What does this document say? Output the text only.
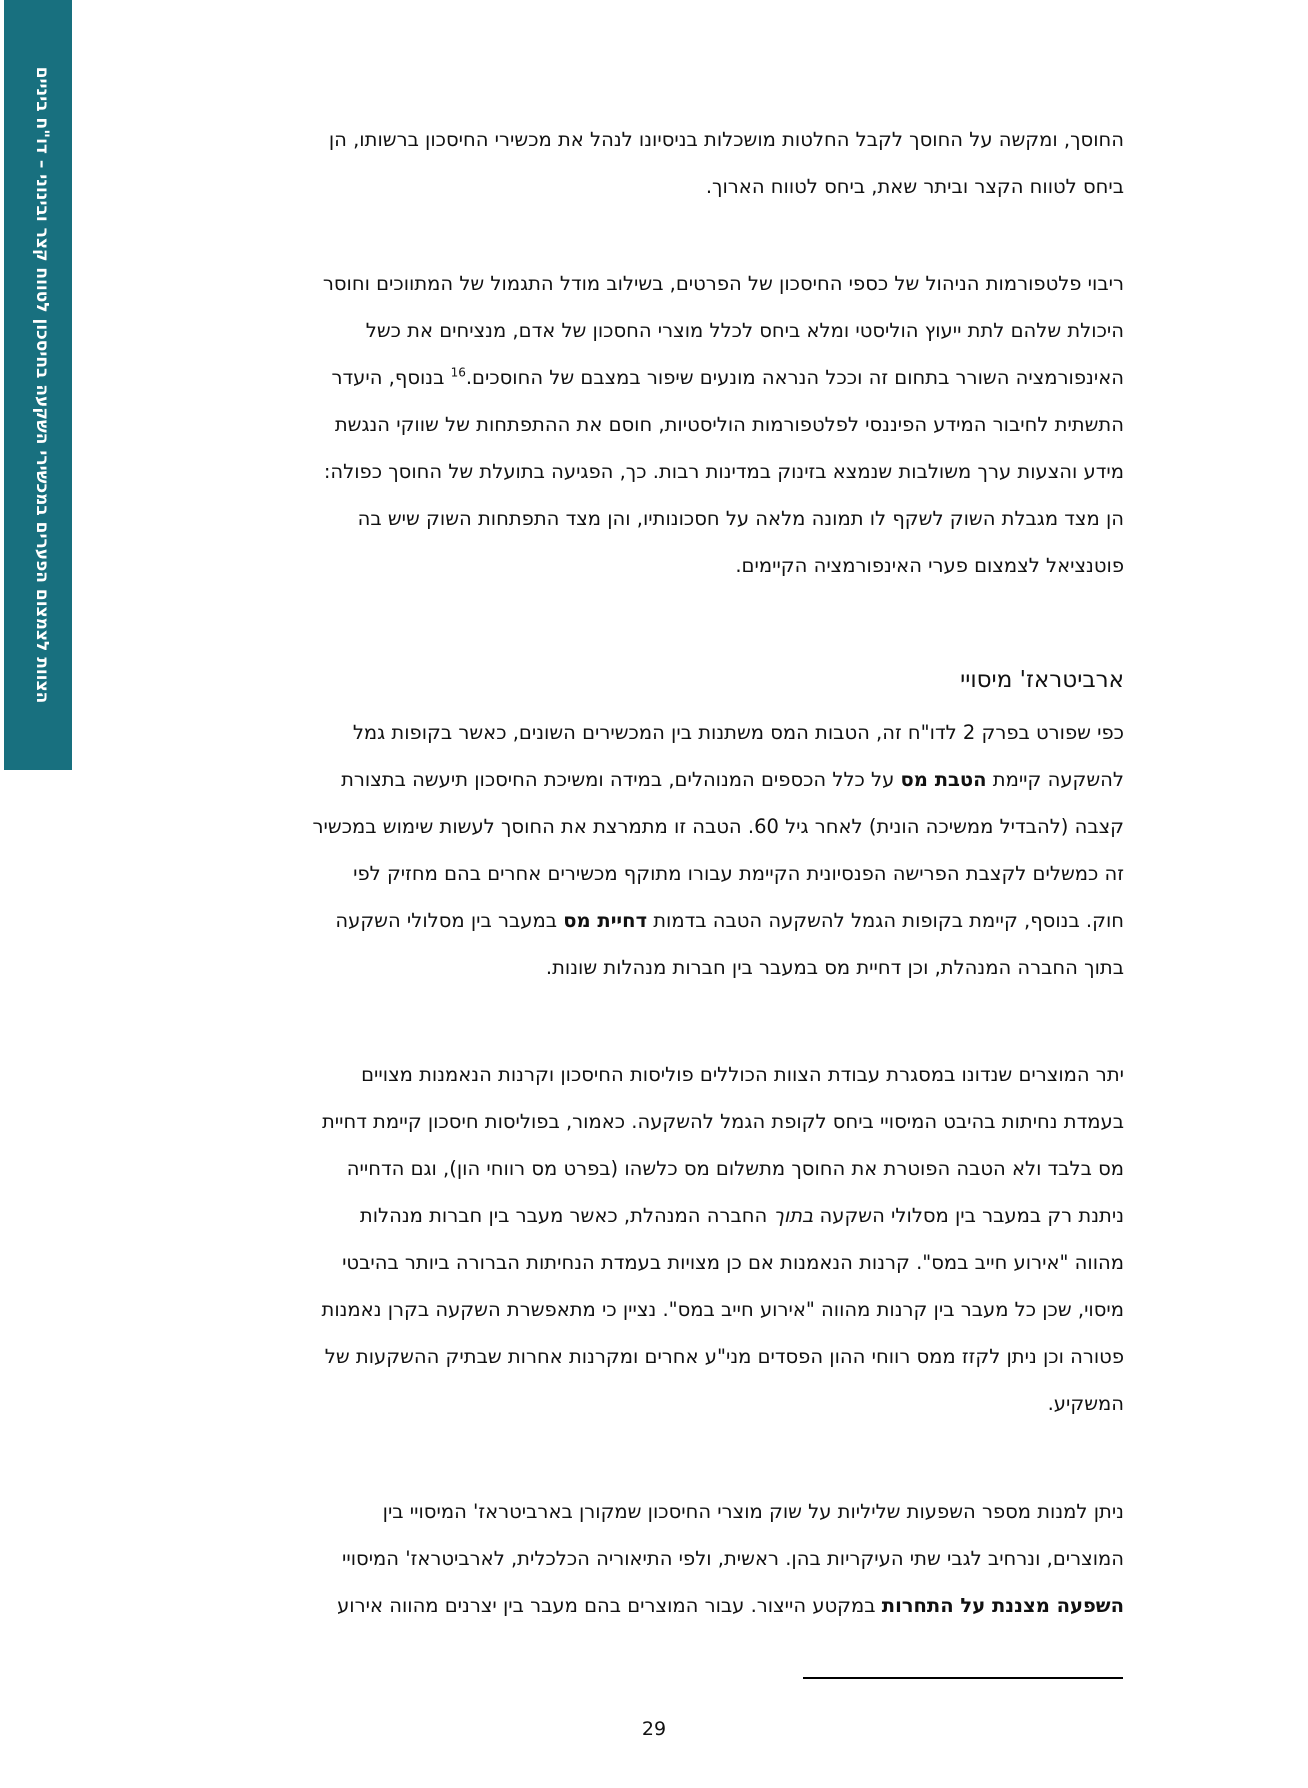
הצוות לצמצום הפערים במכשירי השקעה בחיסכון לטווח קצר ובינוני – דו"ח ביניים	החוסך, ומקשה על החוסך לקבל החלטות מושכלות בניסיונו לנהל את מכשירי החיסכון ברשותו, הן

ביחס לטווח הקצר וביתר שאת, ביחס לטווח הארוך.

ריבוי פלטפורמות הניהול של כספי החיסכון של הפרטים, בשילוב מודל התגמול של המתווכים וחוסר

היכולת שלהם לתת ייעוץ הוליסטי ומלא ביחס לכלל מוצרי החסכון של אדם, מנציחים את כשל

האינפורמציה השורר בתחום זה וככל הנראה מונעים שיפור במצבם של החוסכים.$^{16}$ בנוסף, היעדר

התשתית לחיבור המידע הפיננסי לפלטפורמות הוליסטיות, חוסם את ההתפתחות של שווקי הנגשת

מידע והצעות ערך משולבות שנמצא בזינוק במדינות רבות. כך, הפגיעה בתועלת של החוסך כפולה:

הן מצד מגבלת השוק לשקף לו תמונה מלאה על חסכונותיו, והן מצד התפתחות השוק שיש בה

פוטנציאל לצמצום פערי האינפורמציה הקיימים.

ארביטראז' מיסויי

כפי שפורט בפרק 2 לדו"ח זה, הטבות המס משתנות בין המכשירים השונים, כאשר בקופות גמל

להשקעה קיימת הטבת מס על כלל הכספים המנוהלים, במידה ומשיכת החיסכון תיעשה בתצורת

קצבה (להבדיל ממשיכה הונית) לאחר גיל 60. הטבה זו מתמרצת את החוסך לעשות שימוש במכשיר

זה כמשלים לקצבת הפרישה הפנסיונית הקיימת עבורו מתוקף מכשירים אחרים בהם מחזיק לפי

חוק. בנוסף, קיימת בקופות הגמל להשקעה הטבה בדמות דחיית מס במעבר בין מסלולי השקעה

בתוך החברה המנהלת, וכן דחיית מס במעבר בין חברות מנהלות שונות.

יתר המוצרים שנדונו במסגרת עבודת הצוות הכוללים פוליסות החיסכון וקרנות הנאמנות מצויים

בעמדת נחיתות בהיבט המיסויי ביחס לקופת הגמל להשקעה. כאמור, בפוליסות חיסכון קיימת דחיית

מס בלבד ולא הטבה הפוטרת את החוסך מתשלום מס כלשהו (בפרט מס רווחי הון), וגם הדחייה

ניתנת רק במעבר בין מסלולי השקעה בתוך החברה המנהלת, כאשר מעבר בין חברות מנהלות

מהווה "אירוע חייב במס". קרנות הנאמנות אם כן מצויות בעמדת הנחיתות הברורה ביותר בהיבטי

מיסוי, שכן כל מעבר בין קרנות מהווה "אירוע חייב במס". נציין כי מתאפשרת השקעה בקרן נאמנות

פטורה וכן ניתן לקזז ממס רווחי ההון הפסדים מני"ע אחרים ומקרנות אחרות שבתיק ההשקעות של

המשקיע.

ניתן למנות מספר השפעות שליליות על שוק מוצרי החיסכון שמקורן בארביטראז' המיסויי בין

המוצרים, ונרחיב לגבי שתי העיקריות בהן. ראשית, ולפי התיאוריה הכלכלית, לארביטראז' המיסויי

השפעה מצננת על התחרות במקטע הייצור. עבור המוצרים בהם מעבר בין יצרנים מהווה אירוע

29
